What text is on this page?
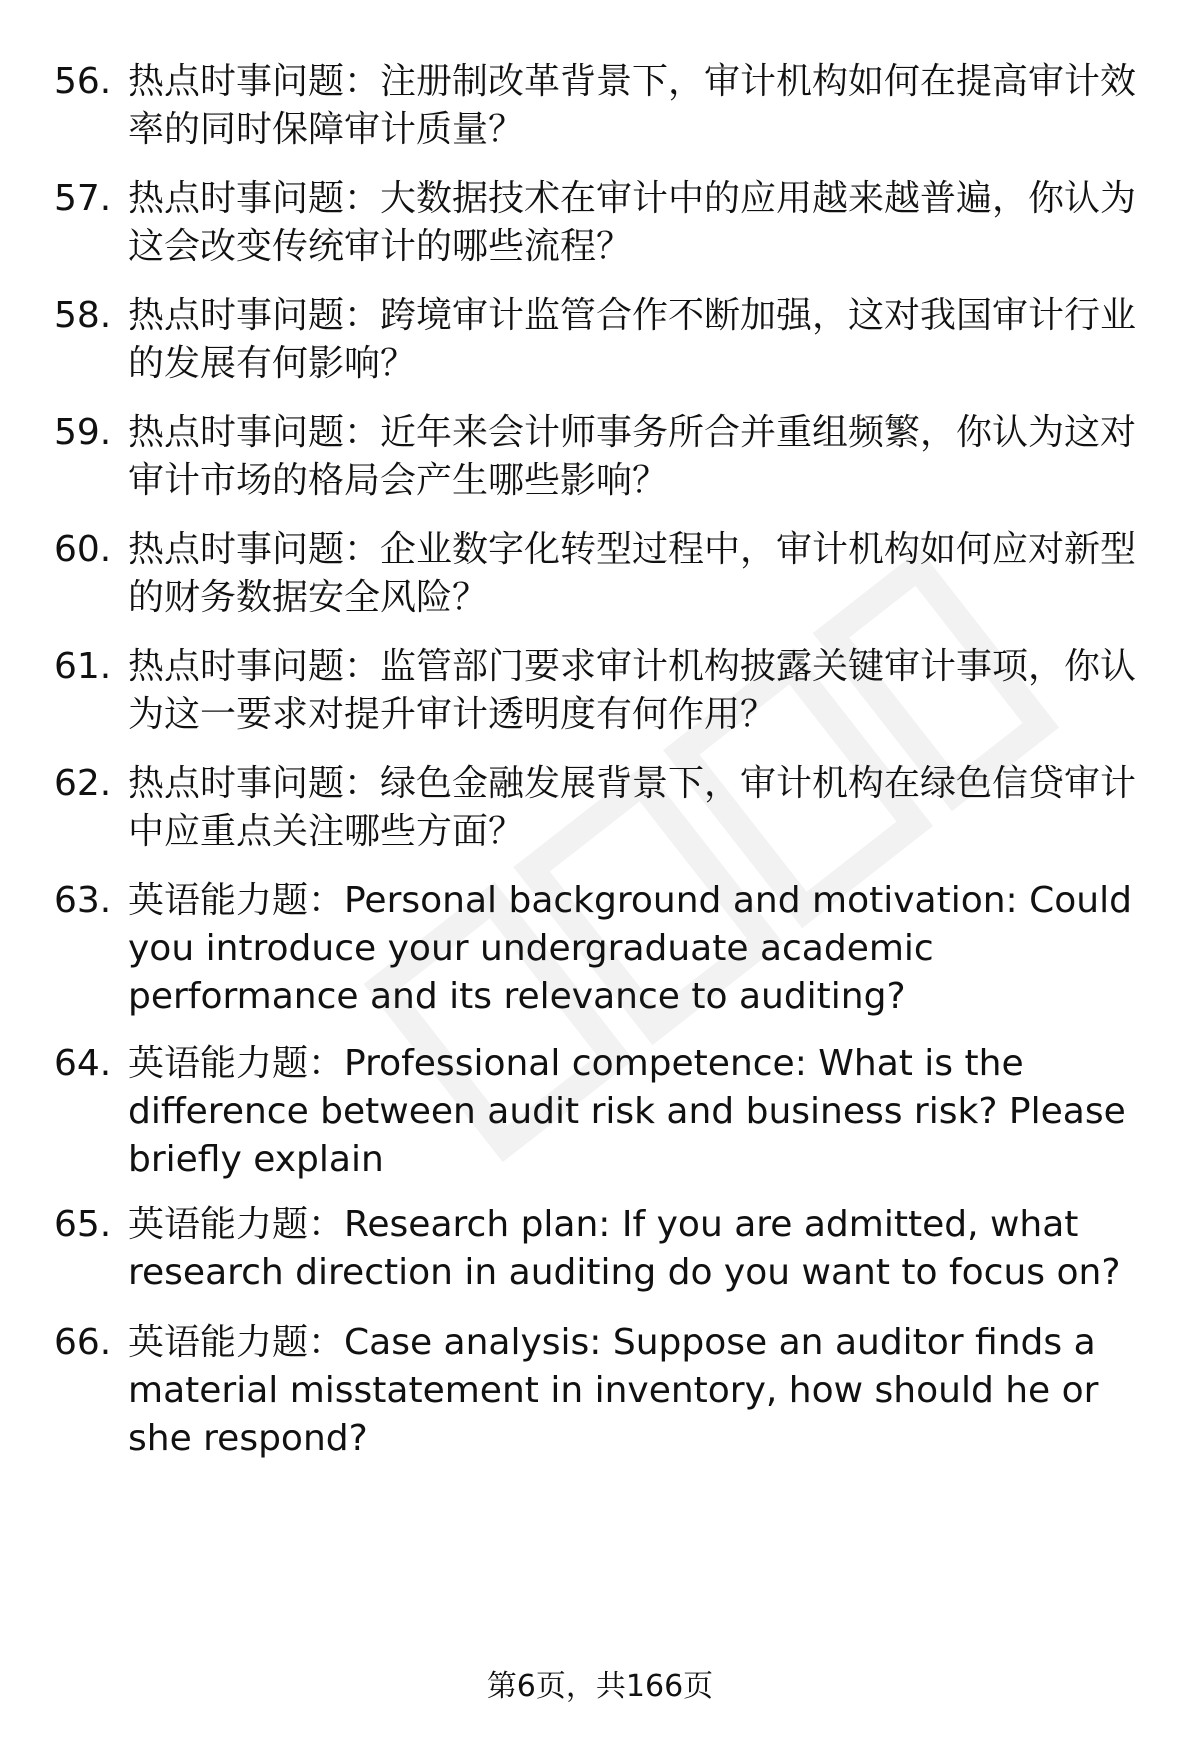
56. 热点时事问题：注册制改革背景下，审计机构如何在提高审计效率的同时保障审计质量？
57. 热点时事问题：大数据技术在审计中的应用越来越普遍，你认为这会改变传统审计的哪些流程？
58. 热点时事问题：跨境审计监管合作不断加强，这对我国审计行业的发展有何影响？
59. 热点时事问题：近年来会计师事务所合并重组频繁，你认为这对审计市场的格局会产生哪些影响？
60. 热点时事问题：企业数字化转型过程中，审计机构如何应对新型的财务数据安全风险？
61. 热点时事问题：监管部门要求审计机构披露关键审计事项，你认为这一要求对提升审计透明度有何作用？
62. 热点时事问题：绿色金融发展背景下，审计机构在绿色信贷审计中应重点关注哪些方面？
63. 英语能力题：Personal background and motivation: Could you introduce your undergraduate academic performance and its relevance to auditing?
64. 英语能力题：Professional competence: What is the difference between audit risk and business risk? Please briefly explain
65. 英语能力题：Research plan: If you are admitted, what research direction in auditing do you want to focus on?
66. 英语能力题：Case analysis: Suppose an auditor finds a material misstatement in inventory, how should he or she respond?
第6页，共166页
